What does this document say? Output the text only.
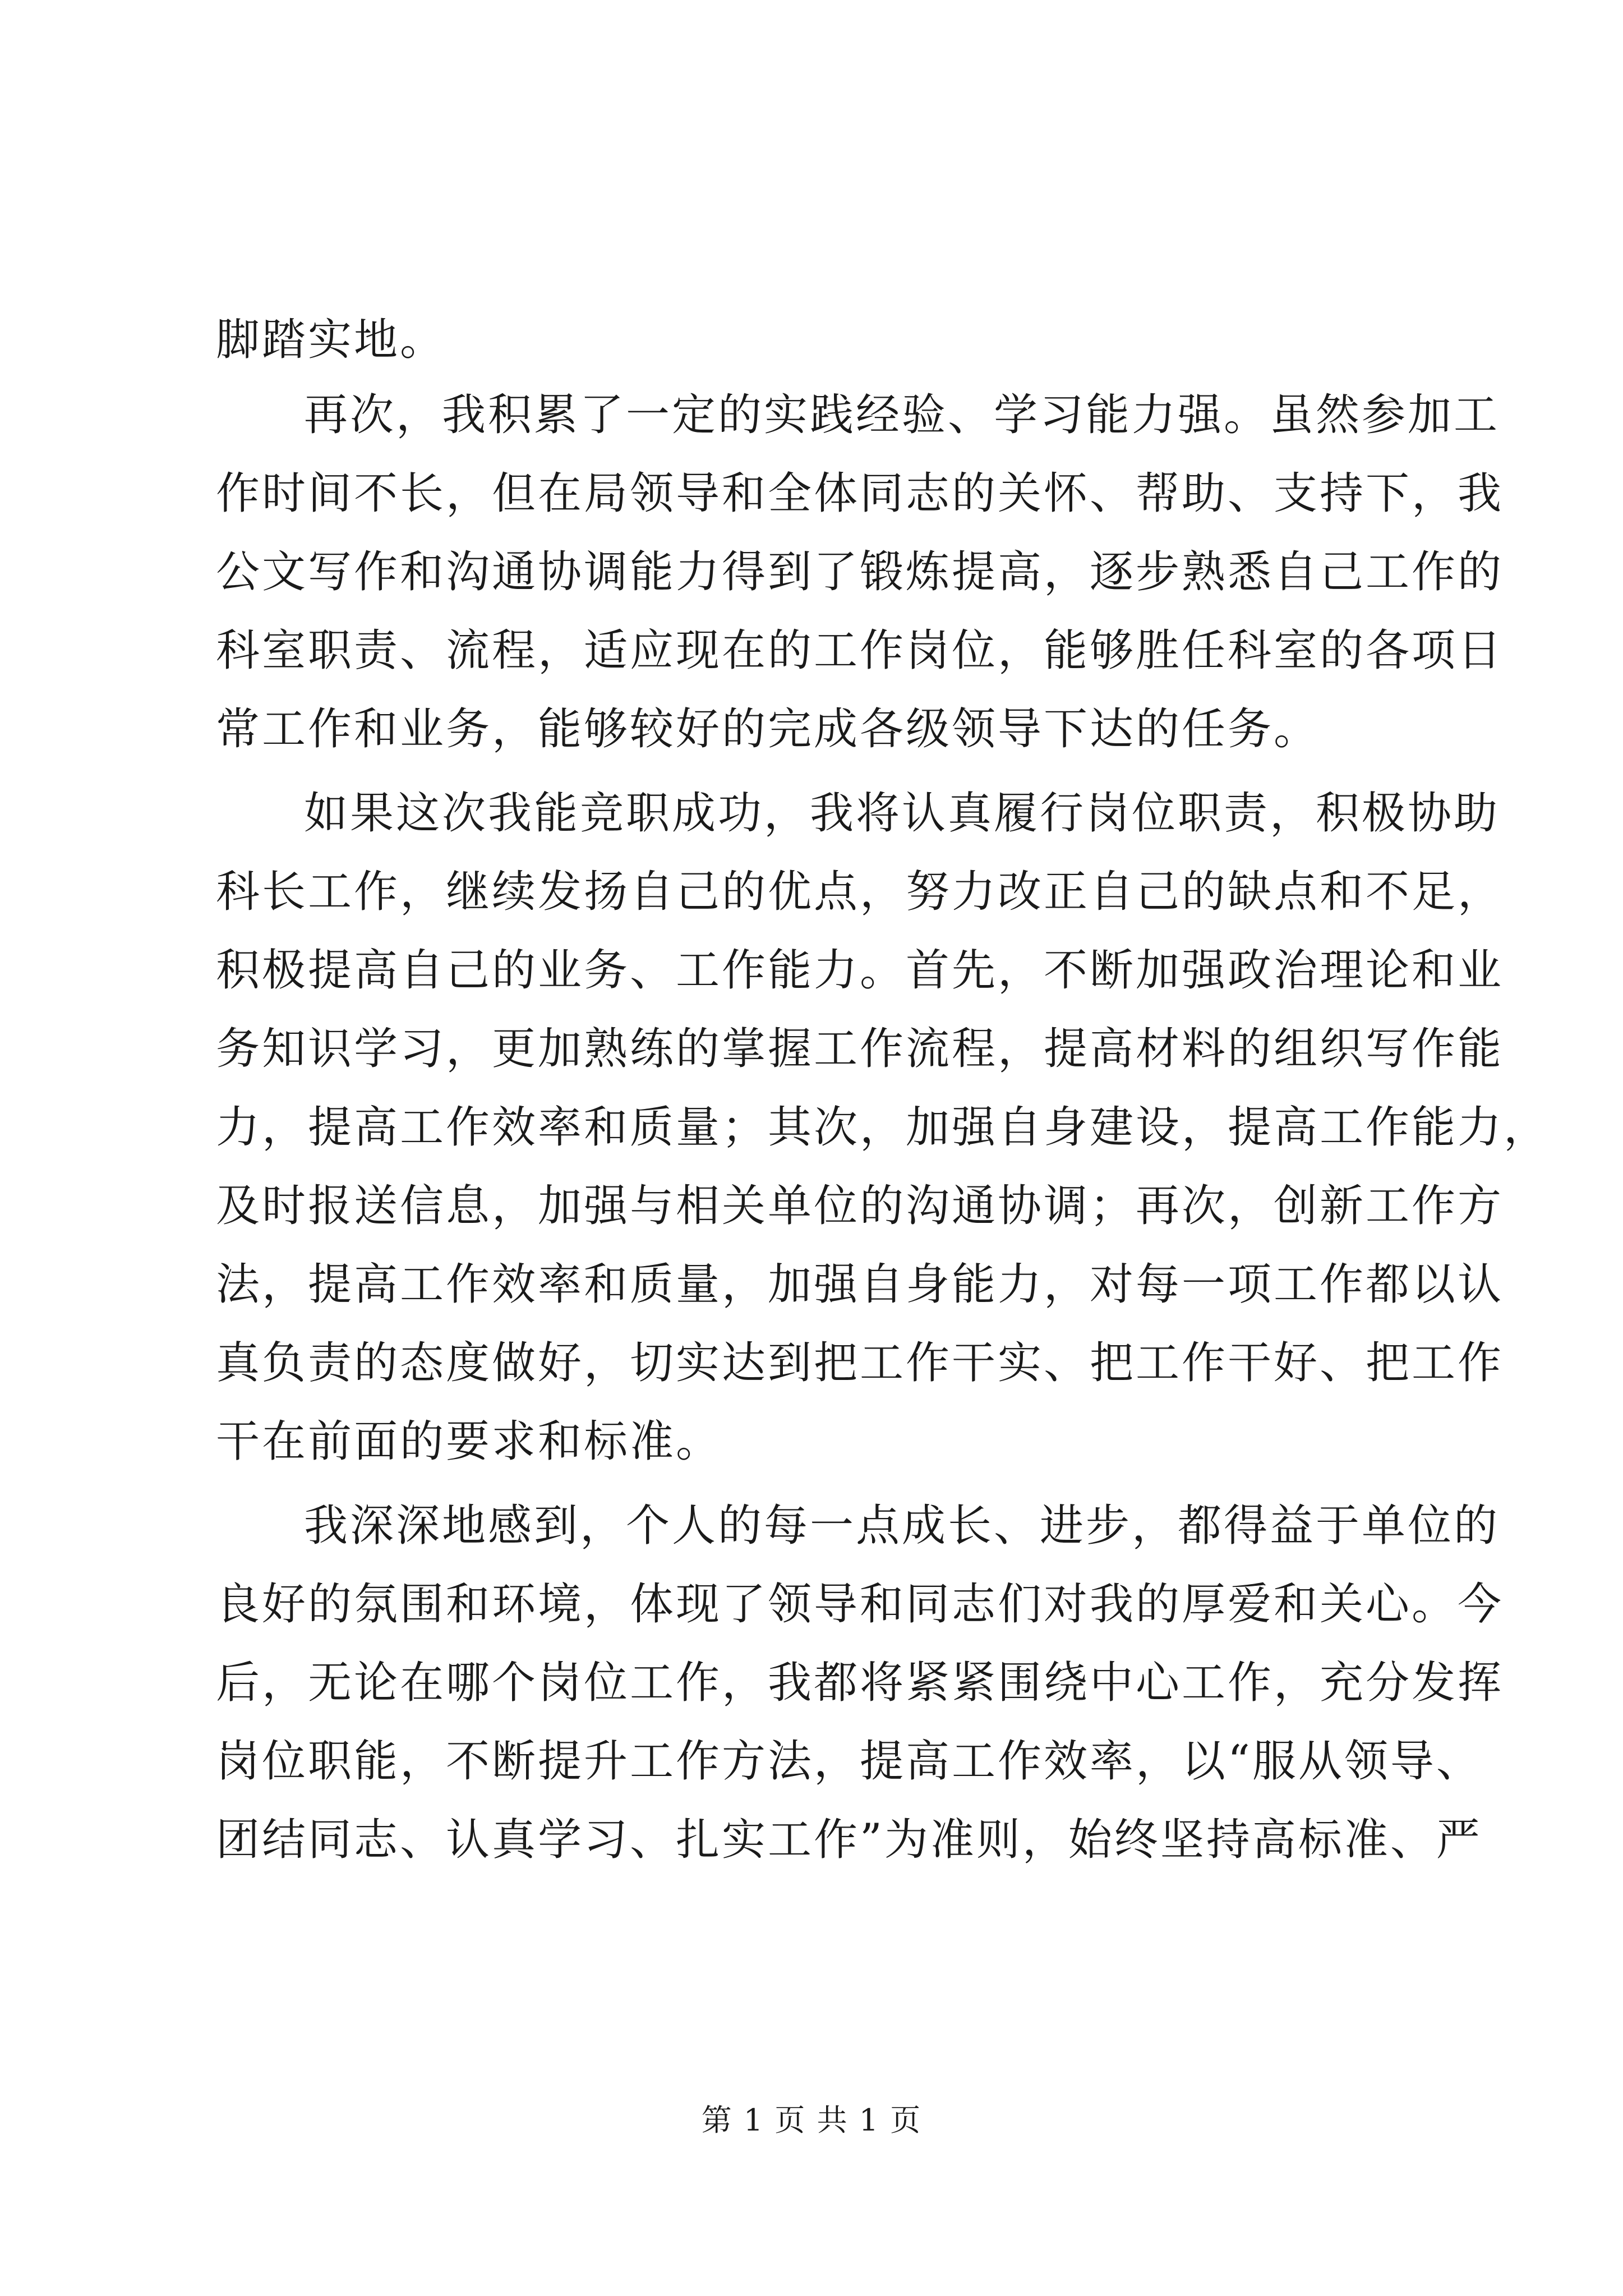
脚踏实地。
再次，我积累了一定的实践经验、学习能力强。虽然参加工
作时间不长，但在局领导和全体同志的关怀、帮助、支持下，我
公文写作和沟通协调能力得到了锻炼提高，逐步熟悉自己工作的
科室职责、流程，适应现在的工作岗位，能够胜任科室的各项日
常工作和业务，能够较好的完成各级领导下达的任务。
如果这次我能竞职成功，我将认真履行岗位职责，积极协助
科长工作，继续发扬自己的优点，努力改正自己的缺点和不足，
积极提高自己的业务、工作能力。首先，不断加强政治理论和业
务知识学习，更加熟练的掌握工作流程，提高材料的组织写作能
力，提高工作效率和质量；其次，加强自身建设，提高工作能力，
及时报送信息，加强与相关单位的沟通协调；再次，创新工作方
法，提高工作效率和质量，加强自身能力，对每一项工作都以认
真负责的态度做好，切实达到把工作干实、把工作干好、把工作
干在前面的要求和标准。
我深深地感到，个人的每一点成长、进步，都得益于单位的
良好的氛围和环境，体现了领导和同志们对我的厚爱和关心。今
后，无论在哪个岗位工作，我都将紧紧围绕中心工作，充分发挥
岗位职能，不断提升工作方法，提高工作效率，以“服从领导、
团结同志、认真学习、扎实工作”为准则，始终坚持高标准、严
第 1 页 共 1 页
